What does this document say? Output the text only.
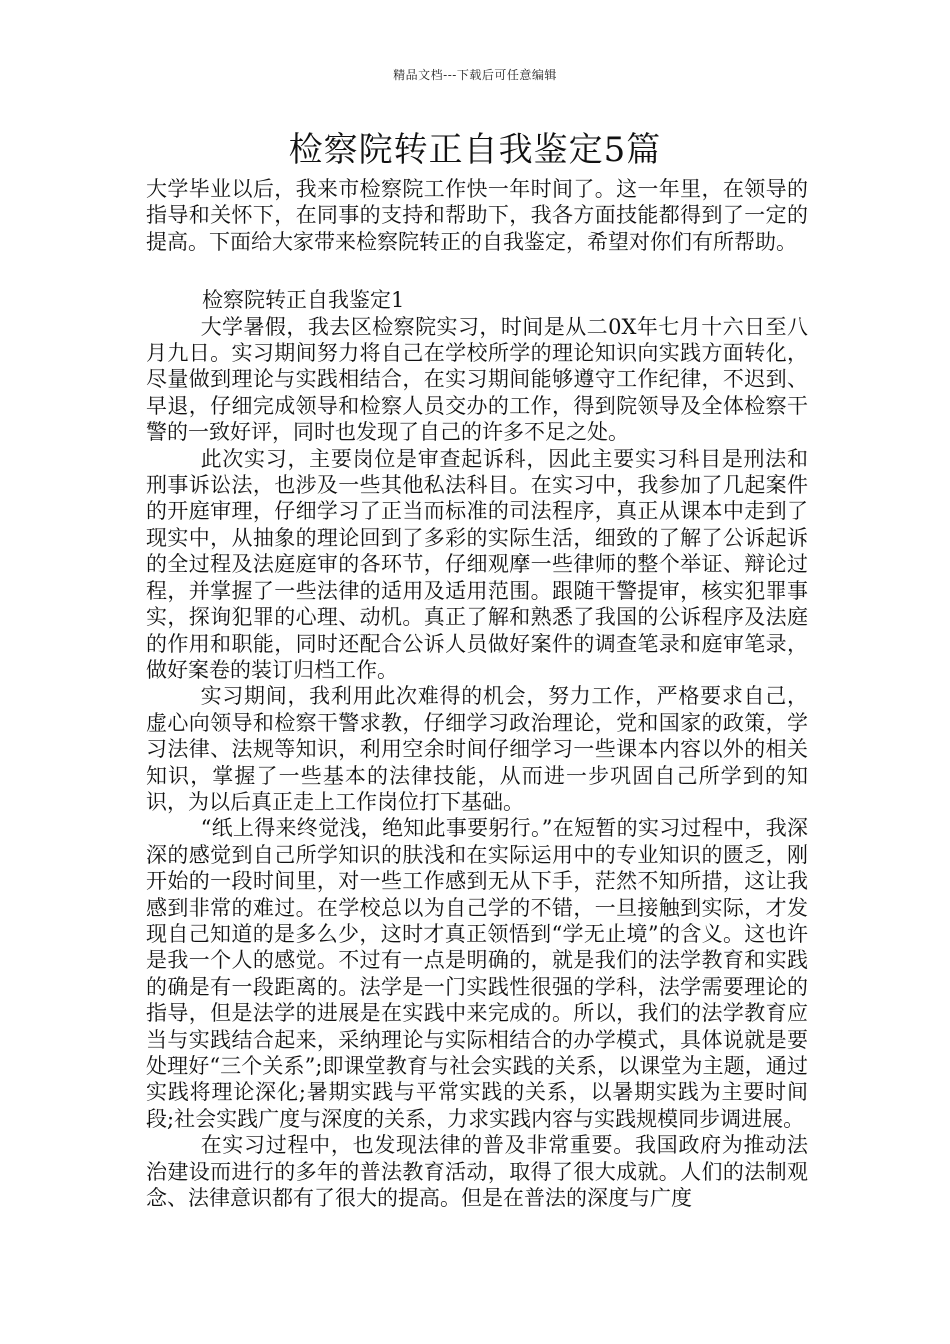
精品文档---下载后可任意编辑
检察院转正自我鉴定5篇

大学毕业以后，我来市检察院工作快一年时间了。这一年里，在领导的指导和关怀下，在同事的支持和帮助下，我各方面技能都得到了一定的提高。下面给大家带来检察院转正的自我鉴定，希望对你们有所帮助。

检察院转正自我鉴定1

大学暑假，我去区检察院实习，时间是从二0X年七月十六日至八月九日。实习期间努力将自己在学校所学的理论知识向实践方面转化，尽量做到理论与实践相结合，在实习期间能够遵守工作纪律，不迟到、早退，仔细完成领导和检察人员交办的工作，得到院领导及全体检察干警的一致好评，同时也发现了自己的许多不足之处。

此次实习，主要岗位是审查起诉科，因此主要实习科目是刑法和刑事诉讼法，也涉及一些其他私法科目。在实习中，我参加了几起案件的开庭审理，仔细学习了正当而标准的司法程序，真正从课本中走到了现实中，从抽象的理论回到了多彩的实际生活，细致的了解了公诉起诉的全过程及法庭庭审的各环节，仔细观摩一些律师的整个举证、辩论过程，并掌握了一些法律的适用及适用范围。跟随干警提审，核实犯罪事实，探询犯罪的心理、动机。真正了解和熟悉了我国的公诉程序及法庭的作用和职能，同时还配合公诉人员做好案件的调查笔录和庭审笔录，做好案卷的装订归档工作。

实习期间，我利用此次难得的机会，努力工作，严格要求自己，虚心向领导和检察干警求教，仔细学习政治理论，党和国家的政策，学习法律、法规等知识，利用空余时间仔细学习一些课本内容以外的相关知识，掌握了一些基本的法律技能，从而进一步巩固自己所学到的知识，为以后真正走上工作岗位打下基础。

“纸上得来终觉浅，绝知此事要躬行。”在短暂的实习过程中，我深深的感觉到自己所学知识的肤浅和在实际运用中的专业知识的匮乏，刚开始的一段时间里，对一些工作感到无从下手，茫然不知所措，这让我感到非常的难过。在学校总以为自己学的不错，一旦接触到实际，才发现自己知道的是多么少，这时才真正领悟到“学无止境”的含义。这也许是我一个人的感觉。不过有一点是明确的，就是我们的法学教育和实践的确是有一段距离的。法学是一门实践性很强的学科，法学需要理论的指导，但是法学的进展是在实践中来完成的。所以，我们的法学教育应当与实践结合起来，采纳理论与实际相结合的办学模式，具体说就是要处理好“三个关系”;即课堂教育与社会实践的关系，以课堂为主题，通过实践将理论深化;暑期实践与平常实践的关系，以暑期实践为主要时间段;社会实践广度与深度的关系，力求实践内容与实践规模同步调进展。

在实习过程中，也发现法律的普及非常重要。我国政府为推动法治建设而进行的多年的普法教育活动，取得了很大成就。人们的法制观念、法律意识都有了很大的提高。但是在普法的深度与广度
